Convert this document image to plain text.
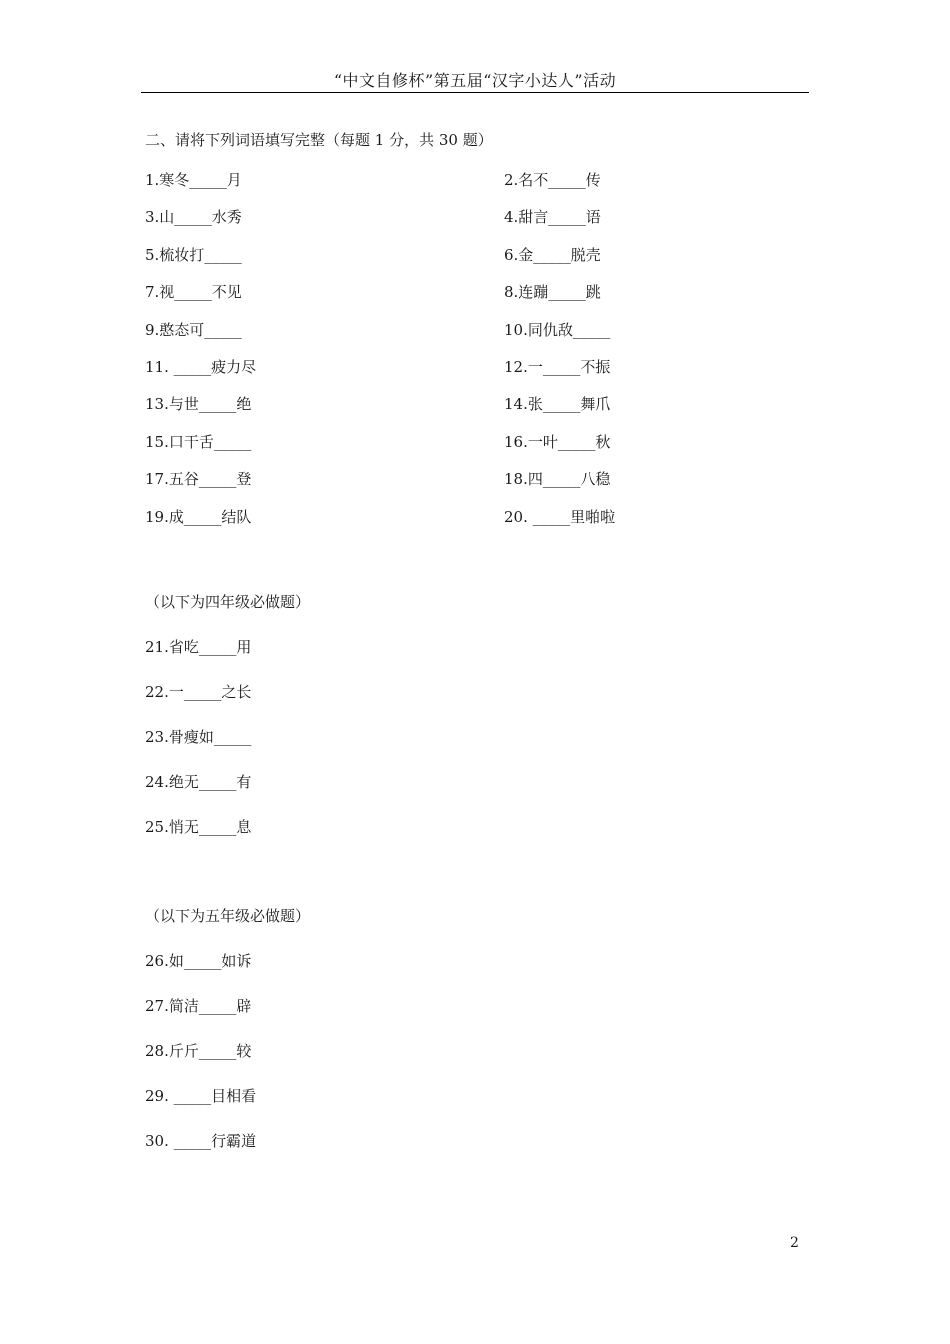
“中文自修杯”第五届“汉字小达人”活动
二、请将下列词语填写完整（每题 1 分，共 30 题）
1.寒冬_____月	2.名不_____传
3.山_____水秀	4.甜言_____语
5.梳妆打_____	6.金_____脱壳
7.视_____不见	8.连蹦_____跳
9.憨态可_____	10.同仇敌_____
11. _____疲力尽	12.一_____不振
13.与世_____绝	14.张_____舞爪
15.口干舌_____	16.一叶_____秋
17.五谷_____登	18.四_____八稳
19.成_____结队	20. _____里啪啦
（以下为四年级必做题）
21.省吃_____用
22.一_____之长
23.骨瘦如_____
24.绝无_____有
25.悄无_____息
（以下为五年级必做题）
26.如_____如诉
27.简洁_____辟
28.斤斤_____较
29. _____目相看
30. _____行霸道
2
